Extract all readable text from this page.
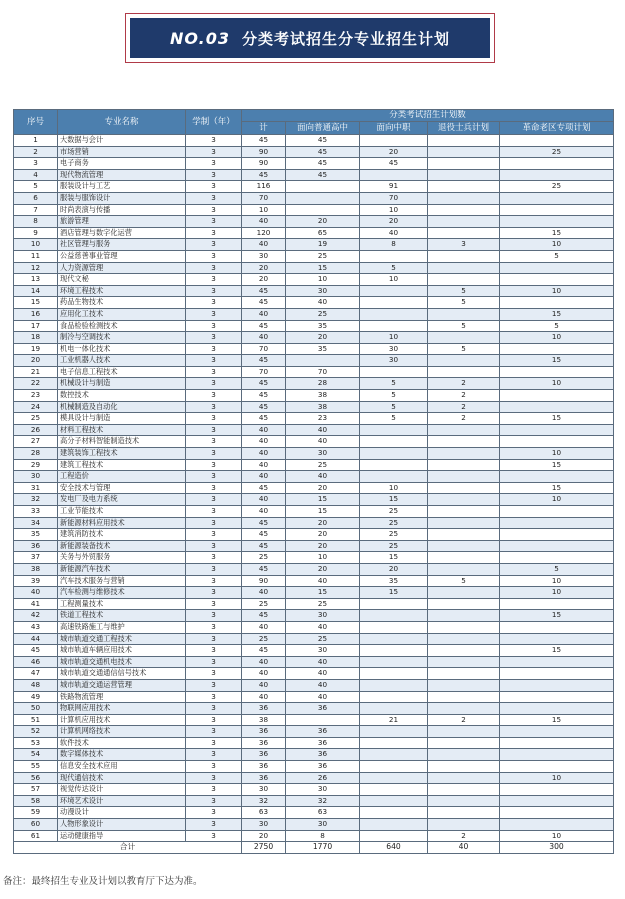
NO.03 分类考试招生分专业招生计划
序号	专业名称	学制（年）	分类考试招生计划数				
			计	面向普通高中	面向中职	退役士兵计划	革命老区专项计划
1	大数据与会计	3	45	45			
2	市场营销	3	90	45	20		25
3	电子商务	3	90	45	45		
4	现代物流管理	3	45	45			
5	服装设计与工艺	3	116		91		25
6	服装与服饰设计	3	70		70		
7	时尚表演与传播	3	10		10		
8	旅游管理	3	40	20	20		
9	酒店管理与数字化运营	3	120	65	40		15
10	社区管理与服务	3	40	19	8	3	10
11	公益慈善事业管理	3	30	25			5
12	人力资源管理	3	20	15	5		
13	现代文秘	3	20	10	10		
14	环境工程技术	3	45	30		5	10
15	药品生物技术	3	45	40		5	
16	应用化工技术	3	40	25			15
17	食品检验检测技术	3	45	35		5	5
18	制冷与空调技术	3	40	20	10		10
19	机电一体化技术	3	70	35	30	5	
20	工业机器人技术	3	45		30		15
21	电子信息工程技术	3	70	70			
22	机械设计与制造	3	45	28	5	2	10
23	数控技术	3	45	38	5	2	
24	机械制造及自动化	3	45	38	5	2	
25	模具设计与制造	3	45	23	5	2	15
26	材料工程技术	3	40	40			
27	高分子材料智能制造技术	3	40	40			
28	建筑装饰工程技术	3	40	30			10
29	建筑工程技术	3	40	25			15
30	工程造价	3	40	40			
31	安全技术与管理	3	45	20	10		15
32	发电厂及电力系统	3	40	15	15		10
33	工业节能技术	3	40	15	25		
34	新能源材料应用技术	3	45	20	25		
35	建筑消防技术	3	45	20	25		
36	新能源装备技术	3	45	20	25		
37	关务与外贸服务	3	25	10	15		
38	新能源汽车技术	3	45	20	20		5
39	汽车技术服务与营销	3	90	40	35	5	10
40	汽车检测与维修技术	3	40	15	15		10
41	工程测量技术	3	25	25			
42	铁道工程技术	3	45	30			15
43	高速铁路施工与维护	3	40	40			
44	城市轨道交通工程技术	3	25	25			
45	城市轨道车辆应用技术	3	45	30			15
46	城市轨道交通机电技术	3	40	40			
47	城市轨道交通通信信号技术	3	40	40			
48	城市轨道交通运营管理	3	40	40			
49	铁路物流管理	3	40	40			
50	物联网应用技术	3	36	36			
51	计算机应用技术	3	38		21	2	15
52	计算机网络技术	3	36	36			
53	软件技术	3	36	36			
54	数字媒体技术	3	36	36			
55	信息安全技术应用	3	36	36			
56	现代通信技术	3	36	26			10
57	视觉传达设计	3	30	30			
58	环境艺术设计	3	32	32			
59	动漫设计	3	63	63			
60	人物形象设计	3	30	30			
61	运动健康指导	3	20	8		2	10
合计			2750	1770	640	40	300
备注：最终招生专业及计划以教育厅下达为准。
